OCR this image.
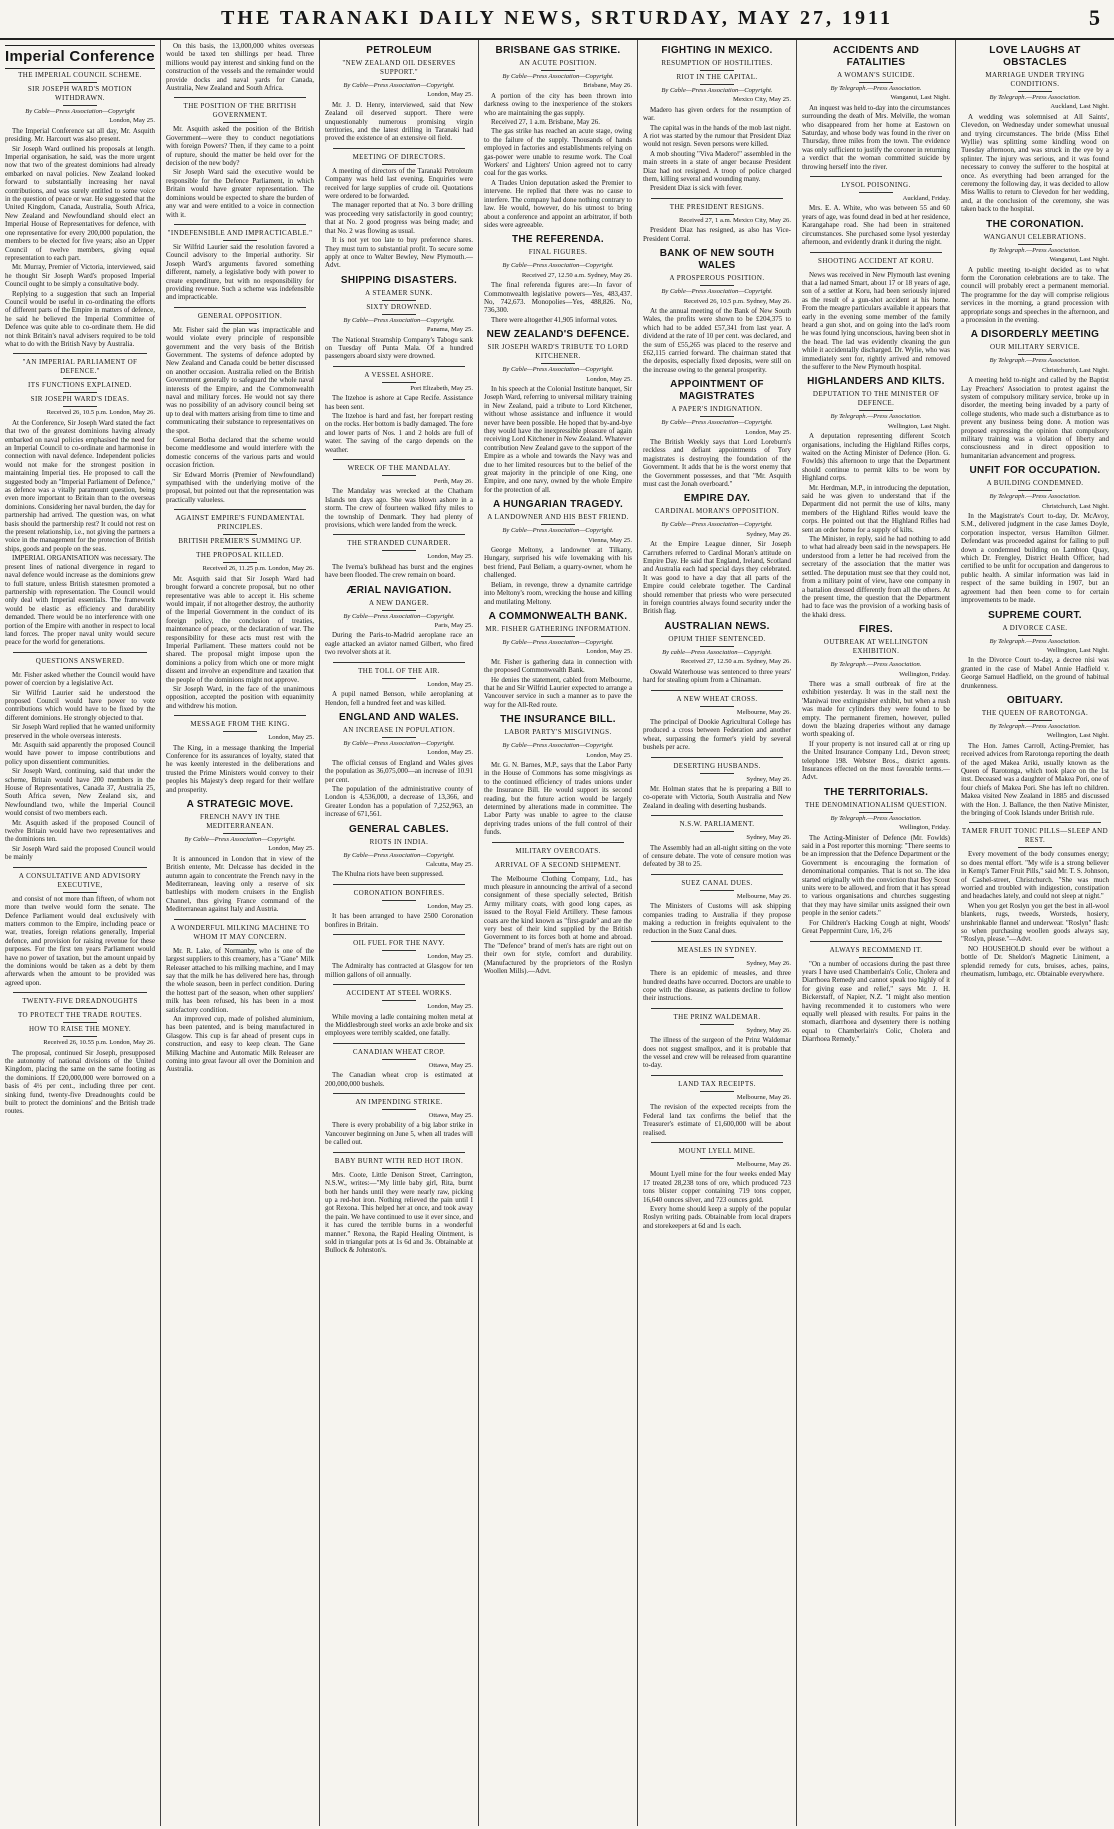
THE TARANAKI DAILY NEWS, SRTURDAY, MAY 27, 1911	5
Imperial Conference
THE IMPERIAL COUNCIL SCHEME.
SIR JOSEPH WARD'S MOTION WITHDRAWN.
By Cable—Press Association—Copyright
London, May 25.

The Imperial Conference sat all day, Mr. Asquith presiding. Mr. Harcourt was also present.

Sir Joseph Ward outlined his proposals at length. Imperial organisation, he said, was the more urgent now that two of the greatest dominions had already embarked on naval policies. New Zealand looked forward to substantially increasing her naval contributions, and was surely entitled to some voice in the question of peace or war. He suggested that the United Kingdom, Canada, Australia, South Africa, New Zealand and Newfoundland should elect an Imperial House of Representatives for defence, with one representative for every 200,000 population, the members to be elected for five years; also an Upper Council of twelve members, giving equal representation to each part.

Mr. Murray, Premier of Victoria, interviewed, said he thought Sir Joseph Ward's proposed Imperial Council ought to be simply a consultative body.

Replying to a suggestion that such an Imperial Council would be useful in co-ordinating the efforts of different parts of the Empire in matters of defence, he said he believed the Imperial Committee of Defence was quite able to co-ordinate them. He did not think Britain's naval advisers required to be told what to do with the British Navy by Australia.

"AN IMPERIAL PARLIAMENT OF DEFENCE."
ITS FUNCTIONS EXPLAINED.
SIR JOSEPH WARD'S IDEAS.
Received 26, 10.5 p.m. London, May 26.

At the Conference, Sir Joseph Ward stated the fact that two of the greatest dominions having already embarked on naval policies emphasised the need for an Imperial Council to co-ordinate and harmonise in connection with naval defence. Independent policies would not make for the strongest position in maintaining Imperial ties. He proposed to call the suggested body an "Imperial Parliament of Defence," as defence was a vitally paramount question, being even more important to Britain than to the overseas dominions. Considering her naval burden, the day for partnership had arrived. The question was, on what basis should the partnership rest? It could not rest on the present relationship, i.e., not giving the partners a voice in the management for the protection of British ships, goods and people on the seas.

IMPERIAL ORGANISATION was necessary. The present lines of national divergence in regard to naval defence would increase as the dominions grew to full stature, unless British statesmen promoted a partnership with representation. The Council would only deal with Imperial essentials. The framework would be elastic as efficiency and durability demanded. There would be no interference with one portion of the Empire with another in respect to local land forces. The proper naval unity would secure peace for the world for generations.

QUESTIONS ANSWERED.

Mr. Fisher asked whether the Council would have power of coercion by a legislative Act.

Sir Wilfrid Laurier said he understood the proposed Council would have power to vote contributions which would have to be fixed by the different dominions. He strongly objected to that.

Sir Joseph Ward replied that he wanted uniformity preserved in the whole overseas interests.

Mr. Asquith said apparently the proposed Council would have power to impose contributions and policy upon dissentient communities.

Sir Joseph Ward, continuing, said that under the scheme, Britain would have 200 members in the House of Representatives, Canada 37, Australia 25, South Africa seven, New Zealand six, and Newfoundland two, while the Imperial Council would consist of two members each.

Mr. Asquith asked if the proposed Council of twelve Britain would have two representatives and the dominions ten.

Sir Joseph Ward said the proposed Council would be mainly

A CONSULTATIVE AND ADVISORY EXECUTIVE,

and consist of not more than fifteen, of whom not more than twelve would form the senate. The Defence Parliament would deal exclusively with matters common to the Empire, including peace or war, treaties, foreign relations generally, Imperial defence, and provision for raising revenue for these purposes. For the first ten years Parliament would have no power of taxation, but the amount unpaid by the dominions would be taken as a debt by them afterwards when the amount to be provided was agreed upon.

TWENTY-FIVE DREADNOUGHTS
TO PROTECT THE TRADE ROUTES.
HOW TO RAISE THE MONEY.
Received 26, 10.55 p.m. London, May 26.

The proposal, continued Sir Joseph, presupposed the autonomy of national divisions of the United Kingdom, placing the same on the same footing as the dominions. If £20,000,000 were borrowed on a basis of 4½ per cent., including three per cent. sinking fund, twenty-five Dreadnoughts could be built to protect the dominions' and the British trade routes.

On this basis, the 13,000,000 whites overseas would be taxed ten shillings per head. Three millions would pay interest and sinking fund on the construction of the vessels and the remainder would provide docks and naval yards for Canada, Australia, New Zealand and South Africa.

THE POSITION OF THE BRITISH GOVERNMENT.

Mr. Asquith asked the position of the British Government—were they to conduct negotiations with foreign Powers? Then, if they came to a point of rupture, should the matter be held over for the decision of the new body?

Sir Joseph Ward said the executive would be responsible for the Defence Parliament, in which Britain would have greater representation. The dominions would be expected to share the burden of any war and were entitled to a voice in connection with it.

"INDEFENSIBLE AND IMPRACTICABLE."

Sir Wilfrid Laurier said the resolution favored a Council advisory to the Imperial authority. Sir Joseph Ward's arguments favored something different, namely, a legislative body with power to create expenditure, but with no responsibility for providing revenue. Such a scheme was indefensible and impracticable.

GENERAL OPPOSITION.

Mr. Fisher said the plan was impracticable and would violate every principle of responsible government and the very basis of the British Government. The systems of defence adopted by New Zealand and Canada could be better discussed on another occasion. Australia relied on the British Government generally to safeguard the whole naval interests of the Empire, and the Commonwealth naval and military forces. He would not say there was no possibility of an advisory council being set up to deal with matters arising from time to time and communicating their substance to representatives on the spot.

General Botha declared that the scheme would become meddlesome and would interfere with the domestic concerns of the various parts and would occasion friction.

Sir Edward Morris (Premier of Newfoundland) sympathised with the underlying motive of the proposal, but pointed out that the representation was practically valueless.

AGAINST EMPIRE'S FUNDAMENTAL PRINCIPLES.
BRITISH PREMIER'S SUMMING UP.
THE PROPOSAL KILLED.
Received 26, 11.25 p.m. London, May 26.

Mr. Asquith said that Sir Joseph Ward had brought forward a concrete proposal, but no other representative was able to accept it. His scheme would impair, if not altogether destroy, the authority of the Imperial Government in the conduct of its foreign policy, the conclusion of treaties, maintenance of peace, or the declaration of war. The responsibility for these acts must rest with the Imperial Parliament. These matters could not be shared. The proposal might impose upon the dominions a policy from which one or more might dissent and involve an expenditure and taxation that the people of the dominions might not approve.

Sir Joseph Ward, in the face of the unanimous opposition, accepted the position with equanimity and withdrew his motion.

MESSAGE FROM THE KING.
London, May 25.

The King, in a message thanking the Imperial Conference for its assurances of loyalty, stated that he was keenly interested in the deliberations and trusted the Prime Ministers would convey to their peoples his Majesty's deep regard for their welfare and prosperity.

A STRATEGIC MOVE.
FRENCH NAVY IN THE MEDITERRANEAN.
By Cable—Press Association—Copyright.
London, May 25.

It is announced in London that in view of the British entente, Mr. Delcasse has decided in the autumn again to concentrate the French navy in the Mediterranean, leaving only a reserve of six battleships with modern cruisers in the English Channel, thus giving France command of the Mediterranean against Italy and Austria.

A WONDERFUL MILKING MACHINE TO WHOM IT MAY CONCERN.

Mr. R. Lake, of Normanby, who is one of the largest suppliers to this creamery, has a "Gane" Milk Releaser attached to his milking machine, and I may say that the milk he has delivered here has, through the whole season, been in perfect condition. During the hottest part of the season, when other suppliers' milk has been refused, his has been in a most satisfactory condition.

An improved cup, made of polished aluminium, has been patented, and is being manufactured in Glasgow. This cup is far ahead of present cups in construction, and easy to keep clean. The Gane Milking Machine and Automatic Milk Releaser are coming into great favour all over the Dominion and Australia.

PETROLEUM
"NEW ZEALAND OIL DESERVES SUPPORT."
By Cable—Press Association—Copyright.
London, May 25.

Mr. J. D. Henry, interviewed, said that New Zealand oil deserved support. There were unquestionably numerous promising virgin territories, and the latest drilling in Taranaki had proved the existence of an extensive oil field.

MEETING OF DIRECTORS.

A meeting of directors of the Taranaki Petroleum Company was held last evening. Enquiries were received for large supplies of crude oil. Quotations were ordered to be forwarded.

The manager reported that at No. 3 bore drilling was proceeding very satisfactorily in good country; that at No. 2 good progress was being made; and that No. 2 was flowing as usual.

It is not yet too late to buy preference shares. They must turn to substantial profit. To secure some apply at once to Walter Bewley, New Plymouth.—Advt.

SHIPPING DISASTERS.
A STEAMER SUNK.
SIXTY DROWNED.
By Cable—Press Association—Copyright.
Panama, May 25.

The National Steamship Company's Tabogu sank on Tuesday off Punta Mala. Of a hundred passengers aboard sixty were drowned.

A VESSEL ASHORE.
Port Elizabeth, May 25.

The Itzehoe is ashore at Cape Recife. Assistance has been sent.

The Itzehoe is hard and fast, her forepart resting on the rocks. Her bottom is badly damaged. The fore and lower parts of Nos. 1 and 2 holds are full of water. The saving of the cargo depends on the weather.

WRECK OF THE MANDALAY.
Perth, May 26.

The Mandalay was wrecked at the Chatham Islands ten days ago. She was blown ashore in a storm. The crew of fourteen walked fifty miles to the township of Denmark. They had plenty of provisions, which were landed from the wreck.

THE STRANDED CUNARDER.
London, May 25.

The Iverna's bulkhead has burst and the engines have been flooded. The crew remain on board.

ÆRIAL NAVIGATION.
A NEW DANGER.
By Cable—Press Association—Copyright.
Paris, May 25.

During the Paris-to-Madrid aeroplane race an eagle attacked an aviator named Gilbert, who fired two revolver shots at it.

THE TOLL OF THE AIR.
London, May 25.

A pupil named Benson, while aeroplaning at Hendon, fell a hundred feet and was killed.

ENGLAND AND WALES.
AN INCREASE IN POPULATION.
By Cable—Press Association—Copyright.
London, May 25.

The official census of England and Wales gives the population as 36,075,000—an increase of 10.91 per cent.

The population of the administrative county of London is 4,536,000, a decrease of 13,366, and Greater London has a population of 7,252,963, an increase of 671,561.

GENERAL CABLES.
RIOTS IN INDIA.
By Cable—Press Association—Copyright.
Calcutta, May 25.

The Khulna riots have been suppressed.

CORONATION BONFIRES.
London, May 25.

It has been arranged to have 2500 Coronation bonfires in Britain.

OIL FUEL FOR THE NAVY.
London, May 25.

The Admiralty has contracted at Glasgow for ten million gallons of oil annually.

ACCIDENT AT STEEL WORKS.
London, May 25.

While moving a ladle containing molten metal at the Middlesbrough steel works an axle broke and six employees were terribly scalded, one fatally.

CANADIAN WHEAT CROP.
Ottawa, May 25.

The Canadian wheat crop is estimated at 200,000,000 bushels.

AN IMPENDING STRIKE.
Ottawa, May 25.

There is every probability of a big labor strike in Vancouver beginning on June 5, when all trades will be called out.

BABY BURNT WITH RED HOT IRON.

Mrs. Coote, Little Denison Street, Carrington, N.S.W., writes:—"My little baby girl, Rita, burnt both her hands until they were nearly raw, picking up a red-hot iron. Nothing relieved the pain until I got Rexona. This helped her at once, and took away the pain. We have continued to use it ever since, and it has cured the terrible burns in a wonderful manner." Rexona, the Rapid Healing Ointment, is sold in triangular pots at 1s 6d and 3s. Obtainable at Bullock & Johnston's.

BRISBANE GAS STRIKE.
AN ACUTE POSITION.
By Cable—Press Association—Copyright.
Brisbane, May 26.

A portion of the city has been thrown into darkness owing to the inexperience of the stokers who are maintaining the gas supply.

Received 27, 1 a.m. Brisbane, May 26.

The gas strike has reached an acute stage, owing to the failure of the supply. Thousands of hands employed in factories and establishments relying on gas-power were unable to resume work. The Coal Workers' and Lighters' Union agreed not to carry coal for the gas works.

A Trades Union deputation asked the Premier to intervene. He replied that there was no cause to interfere. The company had done nothing contrary to law. He would, however, do his utmost to bring about a conference and appoint an arbitrator, if both sides were agreeable.

THE REFERENDA.
FINAL FIGURES.
By Cable—Press Association—Copyright.
Received 27, 12.50 a.m. Sydney, May 26.

The final referenda figures are:—In favor of Commonwealth legislative powers—Yes, 483,437. No, 742,673. Monopolies—Yes, 488,826. No, 736,300.

There were altogether 41,905 informal votes.

NEW ZEALAND'S DEFENCE.
SIR JOSEPH WARD'S TRIBUTE TO LORD KITCHENER.
By Cable—Press Association—Copyright.
London, May 25.

In his speech at the Colonial Institute banquet, Sir Joseph Ward, referring to universal military training in New Zealand, paid a tribute to Lord Kitchener, without whose assistance and influence it would never have been possible. He hoped that by-and-bye they would have the inexpressible pleasure of again receiving Lord Kitchener in New Zealand. Whatever contribution New Zealand gave to the support of the Empire as a whole and towards the Navy was and due to her limited resources but to the belief of the great majority in the principle of one King, one Empire, and one navy, owned by the whole Empire for the protection of all.

A HUNGARIAN TRAGEDY.
A LANDOWNER AND HIS BEST FRIEND.
By Cable—Press Association—Copyright.
Vienna, May 25.

George Meltony, a landowner at Tilkany, Hungary, surprised his wife lovemaking with his best friend, Paul Beliam, a quarry-owner, whom he challenged.

Beliam, in revenge, threw a dynamite cartridge into Meltony's room, wrecking the house and killing and mutilating Meltony.

A COMMONWEALTH BANK.
MR. FISHER GATHERING INFORMATION.
By Cable—Press Association—Copyright.
London, May 25.

Mr. Fisher is gathering data in connection with the proposed Commonwealth Bank.

He denies the statement, cabled from Melbourne, that he and Sir Wilfrid Laurier expected to arrange a Vancouver service in such a manner as to pave the way for the All-Red route.

THE INSURANCE BILL.
LABOR PARTY'S MISGIVINGS.
By Cable—Press Association—Copyright.
London, May 25.

Mr. G. N. Barnes, M.P., says that the Labor Party in the House of Commons has some misgivings as to the continued efficiency of trades unions under the Insurance Bill. He would support its second reading, but the future action would be largely determined by alterations made in committee. The Labor Party was unable to agree to the clause depriving trades unions of the full control of their funds.

MILITARY OVERCOATS.
ARRIVAL OF A SECOND SHIPMENT.

The Melbourne Clothing Company, Ltd., has much pleasure in announcing the arrival of a second consignment of these specially selected, British Army military coats, with good long capes, as issued to the Royal Field Artillery. These famous coats are the kind known as "first-grade" and are the very best of their kind supplied by the British Government to its forces both at home and abroad. The "Defence" brand of men's hats are right out on their own for style, comfort and durability. (Manufactured by the proprietors of the Roslyn Woollen Mills).—Advt.

FIGHTING IN MEXICO.
RESUMPTION OF HOSTILITIES.
RIOT IN THE CAPITAL.
By Cable—Press Association—Copyright.
Mexico City, May 25.

Madero has given orders for the resumption of war.

The capital was in the hands of the mob last night. A riot was started by the rumour that President Diaz would not resign. Seven persons were killed.

A mob shouting "Viva Madero!" assembled in the main streets in a state of anger because President Diaz had not resigned. A troop of police charged them, killing several and wounding many.

President Diaz is sick with fever.

THE PRESIDENT RESIGNS.
Received 27, 1 a.m. Mexico City, May 26.

President Diaz has resigned, as also has Vice-President Corral.

BANK OF NEW SOUTH WALES
A PROSPEROUS POSITION.
By Cable—Press Association—Copyright.
Received 26, 10.5 p.m. Sydney, May 26.

At the annual meeting of the Bank of New South Wales, the profits were shown to be £204,375 to which had to be added £57,341 from last year. A dividend at the rate of 10 per cent. was declared, and the sum of £55,265 was placed to the reserve and £62,115 carried forward. The chairman stated that the deposits, especially fixed deposits, were still on the increase owing to the general prosperity.

APPOINTMENT OF MAGISTRATES
A PAPER'S INDIGNATION.
By Cable—Press Association—Copyright.
London, May 25.

The British Weekly says that Lord Loreburn's reckless and defiant appointments of Tory magistrates is destroying the foundation of the Government. It adds that he is the worst enemy that the Government possesses, and that "Mr. Asquith must cast the Jonah overboard."

EMPIRE DAY.
CARDINAL MORAN'S OPPOSITION.
By Cable—Press Association—Copyright.
Sydney, May 26.

At the Empire League dinner, Sir Joseph Carruthers referred to Cardinal Moran's attitude on Empire Day. He said that England, Ireland, Scotland and Australia each had special days they celebrated. It was good to have a day that all parts of the Empire could celebrate together. The Cardinal should remember that priests who were persecuted in foreign countries always found security under the British flag.

AUSTRALIAN NEWS.
OPIUM THIEF SENTENCED.
By cable—Press Association—Copyright.
Received 27, 12.50 a.m. Sydney, May 26.

Oswald Waterhouse was sentenced to three years' hard for stealing opium from a Chinaman.

A NEW WHEAT CROSS.
Melbourne, May 26.

The principal of Dookie Agricultural College has produced a cross between Federation and another wheat, surpassing the former's yield by several bushels per acre.

DESERTING HUSBANDS.
Sydney, May 26.

Mr. Holman states that he is preparing a Bill to co-operate with Victoria, South Australia and New Zealand in dealing with deserting husbands.

N.S.W. PARLIAMENT.
Sydney, May 26.

The Assembly had an all-night sitting on the vote of censure debate. The vote of censure motion was defeated by 38 to 25.

SUEZ CANAL DUES.
Melbourne, May 26.

The Ministers of Customs will ask shipping companies trading to Australia if they propose making a reduction in freights equivalent to the reduction in the Suez Canal dues.

MEASLES IN SYDNEY.
Sydney, May 26.

There is an epidemic of measles, and three hundred deaths have occurred. Doctors are unable to cope with the disease, as patients decline to follow their instructions.

THE PRINZ WALDEMAR.
Sydney, May 26.

The illness of the surgeon of the Prinz Waldemar does not suggest smallpox, and it is probable that the vessel and crew will be released from quarantine to-day.

LAND TAX RECEIPTS.
Melbourne, May 26.

The revision of the expected receipts from the Federal land tax confirms the belief that the Treasurer's estimate of £1,600,000 will be about realised.

MOUNT LYELL MINE.
Melbourne, May 26.

Mount Lyell mine for the four weeks ended May 17 treated 28,238 tons of ore, which produced 723 tons blister copper containing 719 tons copper, 16,640 ounces silver, and 723 ounces gold.

Every home should keep a supply of the popular Roslyn writing pads. Obtainable from local drapers and storekeepers at 6d and 1s each.

ACCIDENTS AND FATALITIES
A WOMAN'S SUICIDE.
By Telegraph.—Press Association.
Wanganui, Last Night.

An inquest was held to-day into the circumstances surrounding the death of Mrs. Melville, the woman who disappeared from her home at Eastown on Saturday, and whose body was found in the river on Thursday, three miles from the town. The evidence was only sufficient to justify the coroner in returning a verdict that the woman committed suicide by throwing herself into the river.

LYSOL POISONING.
Auckland, Friday.

Mrs. E. A. White, who was between 55 and 60 years of age, was found dead in bed at her residence, Karangahape road. She had been in straitened circumstances. She purchased some lysol yesterday afternoon, and evidently drank it during the night.

SHOOTING ACCIDENT AT KORU.

News was received in New Plymouth last evening that a lad named Smart, about 17 or 18 years of age, son of a settler at Koru, had been seriously injured as the result of a gun-shot accident at his home. From the meagre particulars available it appears that early in the evening some member of the family heard a gun shot, and on going into the lad's room he was found lying unconscious, having been shot in the head. The lad was evidently cleaning the gun while it accidentally discharged. Dr. Wylie, who was immediately sent for, rightly arrived and removed the sufferer to the New Plymouth hospital.

HIGHLANDERS AND KILTS.
DEPUTATION TO THE MINISTER OF DEFENCE.
By Telegraph.—Press Association.
Wellington, Last Night.

A deputation representing different Scotch organisations, including the Highland Rifles corps, waited on the Acting Minister of Defence (Hon. G. Fowlds) this afternoon to urge that the Department should continue to permit kilts to be worn by Highland corps.

Mr. Herdman, M.P., in introducing the deputation, said he was given to understand that if the Department did not permit the use of kilts, many members of the Highland Rifles would leave the corps. He pointed out that the Highland Rifles had sent an order home for a supply of kilts.

The Minister, in reply, said he had nothing to add to what had already been said in the newspapers. He understood from a letter he had received from the secretary of the association that the matter was settled. The deputation must see that they could not, from a military point of view, have one company in a battalion dressed differently from all the others. At the present time, the question that the Department had to face was the provision of a working basis of the khaki dress.

FIRES.
OUTBREAK AT WELLINGTON EXHIBITION.
By Telegraph.—Press Association.
Wellington, Friday.

There was a small outbreak of fire at the exhibition yesterday. It was in the stall next the 'Maniwai tree extinguisher exhibit, but when a rush was made for cylinders they were found to be empty. The permanent firemen, however, pulled down the blazing draperies without any damage worth speaking of.

If your property is not insured call at or ring up the United Insurance Company Ltd., Devon street; telephone 198. Webster Bros., district agents. Insurances effected on the most favorable terms.—Advt.

THE TERRITORIALS.
THE DENOMINATIONALISM QUESTION.
By Telegraph.—Press Association.
Wellington, Friday.

The Acting-Minister of Defence (Mr. Fowlds) said in a Post reporter this morning: "There seems to be an impression that the Defence Department or the Government is encouraging the formation of denominational companies. That is not so. The idea started originally with the conviction that Boy Scout units were to be allowed, and from that it has spread to various organisations and churches suggesting that they may have similar units assigned their own people in the senior cadets."

For Children's Hacking Cough at night, Woods' Great Peppermint Cure, 1/6, 2/6

ALWAYS RECOMMEND IT.

"On a number of occasions during the past three years I have used Chamberlain's Colic, Cholera and Diarrhoea Remedy and cannot speak too highly of it for giving ease and relief," says Mr. J. H. Bickerstaff, of Napier, N.Z. "I might also mention having recommended it to customers who were equally well pleased with results. For pains in the stomach, diarrhoea and dysentery there is nothing equal to Chamberlain's Colic, Cholera and Diarrhoea Remedy."

LOVE LAUGHS AT OBSTACLES
MARRIAGE UNDER TRYING CONDITIONS.
By Telegraph.—Press Association.
Auckland, Last Night.

A wedding was solemnised at All Saints', Clevedon, on Wednesday under somewhat unusual and trying circumstances. The bride (Miss Ethel Wyllie) was splitting some kindling wood on Tuesday afternoon, and was struck in the eye by a splinter. The injury was serious, and it was found necessary to convey the sufferer to the hospital at once. As everything had been arranged for the ceremony the following day, it was decided to allow Miss Wallis to return to Clevedon for her wedding, and, at the conclusion of the ceremony, she was taken back to the hospital.

THE CORONATION.
WANGANUI CELEBRATIONS.
By Telegraph.—Press Association.
Wanganui, Last Night.

A public meeting to-night decided as to what form the Coronation celebrations are to take. The council will probably erect a permanent memorial. The programme for the day will comprise religious services in the morning, a grand procession with appropriate songs and speeches in the afternoon, and a procession in the evening.

A DISORDERLY MEETING
OUR MILITARY SERVICE.
By Telegraph.—Press Association.
Christchurch, Last Night.

A meeting held to-night and called by the Baptist Lay Preachers' Association to protest against the system of compulsory military service, broke up in disorder, the meeting being invaded by a party of college students, who made such a disturbance as to prevent any business being done. A motion was proposed expressing the opinion that compulsory military training was a violation of liberty and consciousness and in direct opposition to humanitarian advancement and progress.

UNFIT FOR OCCUPATION.
A BUILDING CONDEMNED.
By Telegraph.—Press Association.
Christchurch, Last Night.

In the Magistrate's Court to-day, Dr. McAvoy, S.M., delivered judgment in the case James Doyle, corporation inspector, versus Hamilton Gilmer. Defendant was proceeded against for failing to pull down a condemned building on Lambton Quay, which Dr. Frengley, District Health Officer, had certified to be unfit for occupation and dangerous to public health. A similar information was laid in respect of the same building in 1907, but an agreement had then been come to for certain improvements to be made.

SUPREME COURT.
A DIVORCE CASE.
By Telegraph.—Press Association.
Wellington, Last Night.

In the Divorce Court to-day, a decree nisi was granted in the case of Mabel Annie Hadfield v. George Samuel Hadfield, on the ground of habitual drunkenness.

OBITUARY.
THE QUEEN OF RAROTONGA.
By Telegraph.—Press Association.
Wellington, Last Night.

The Hon. James Carroll, Acting-Premier, has received advices from Rarotonga reporting the death of the aged Makea Ariki, usually known as the Queen of Rarotonga, which took place on the 1st inst. Deceased was a daughter of Makea Pori, one of four chiefs of Makea Pori. She has left no children. Makea visited New Zealand in 1885 and discussed with the Hon. J. Ballance, the then Native Minister, the bringing of Cook Islands under British rule.

TAMER FRUIT TONIC PILLS—SLEEP AND REST.

Every movement of the body consumes energy; so does mental effort. "My wife is a strong believer in Kemp's Tamer Fruit Pills," said Mr. T. S. Johnson, of Cashel-street, Christchurch. "She was much worried and troubled with indigestion, constipation and headaches lately, and could not sleep at night."

When you get Roslyn you get the best in all-wool blankets, rugs, tweeds, Worsteds, hosiery, unshrinkable flannel and underwear. "Roslyn" flash: so when purchasing woollen goods always say, "Roslyn, please."—Advt.

NO HOUSEHOLD should ever be without a bottle of Dr. Sheldon's Magnetic Liniment, a splendid remedy for cuts, bruises, aches, pains, rheumatism, lumbago, etc. Obtainable everywhere.
